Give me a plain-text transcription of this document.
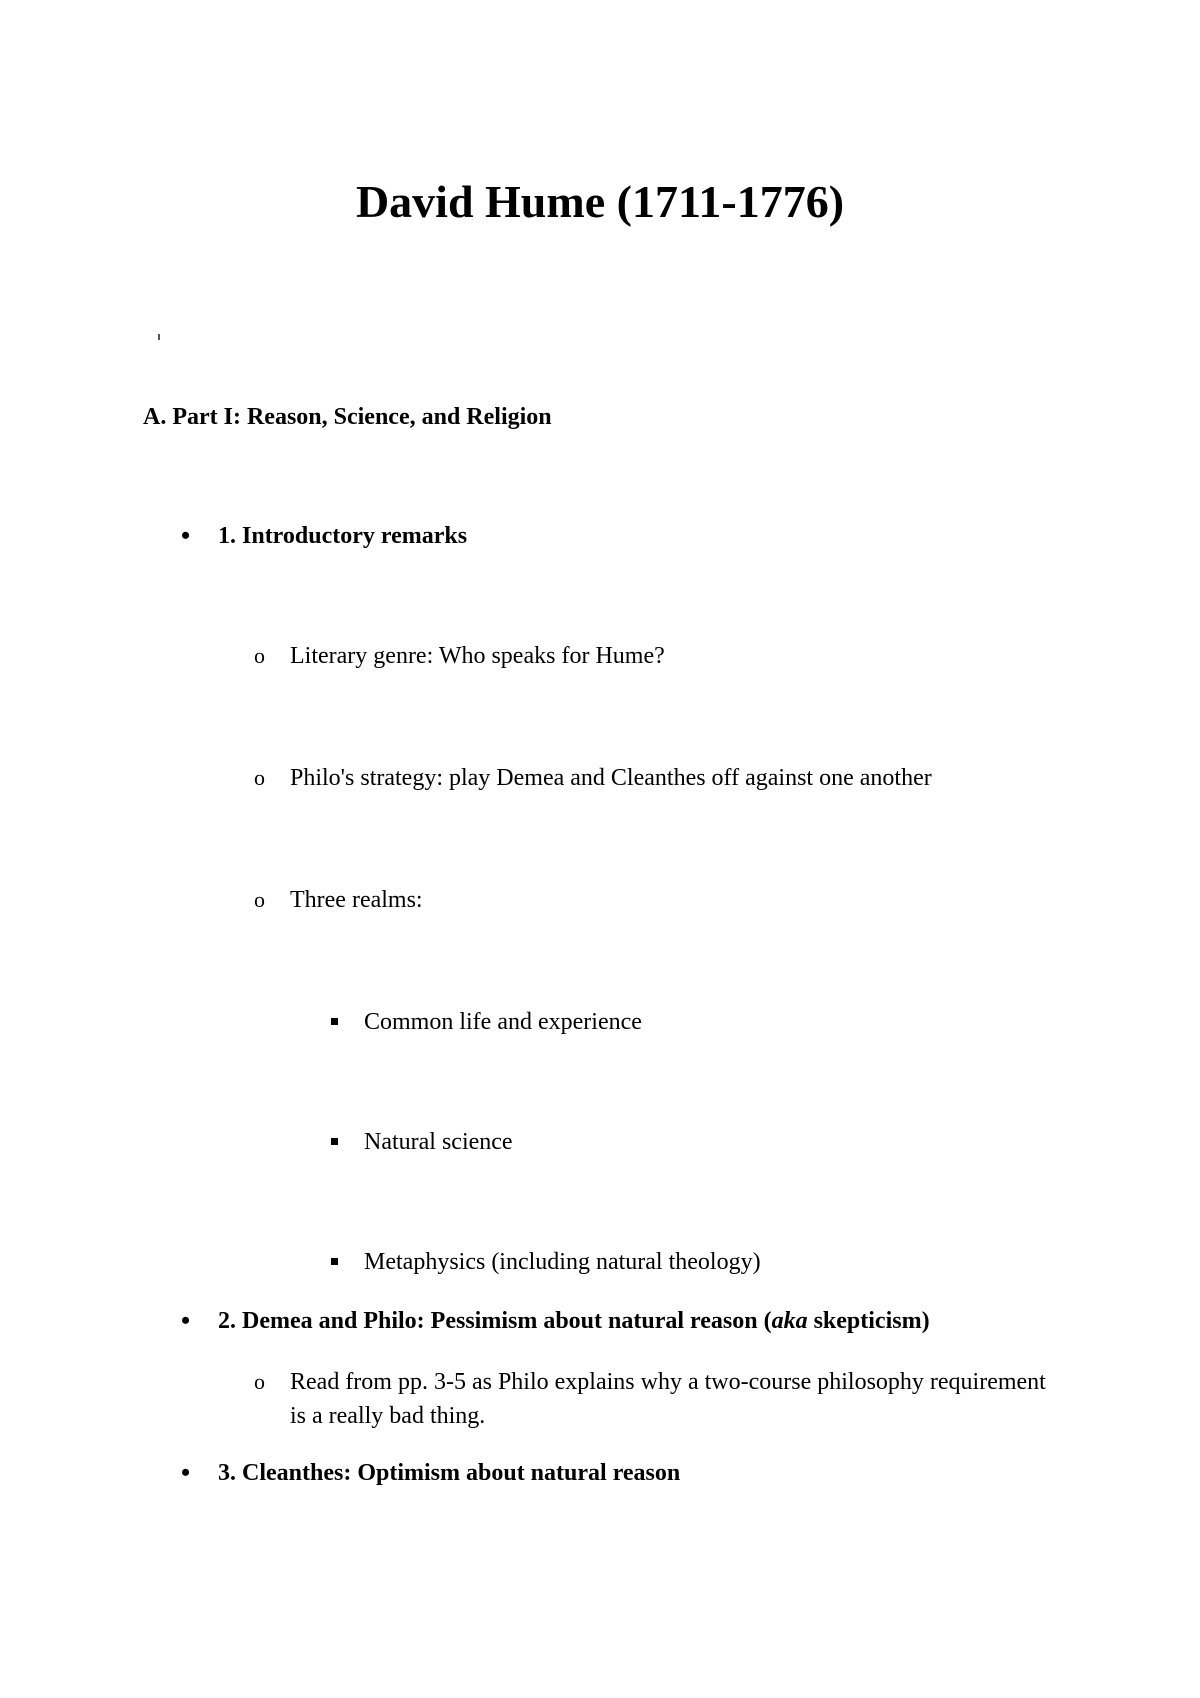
David Hume (1711-1776)
A. Part I: Reason, Science, and Religion
• 1. Introductory remarks
o Literary genre: Who speaks for Hume?
o Philo's strategy: play Demea and Cleanthes off against one another
o Three realms:
Common life and experience
Natural science
Metaphysics (including natural theology)
• 2. Demea and Philo: Pessimism about natural reason (aka skepticism)
o Read from pp. 3-5 as Philo explains why a two-course philosophy requirement is a really bad thing.
• 3. Cleanthes: Optimism about natural reason
